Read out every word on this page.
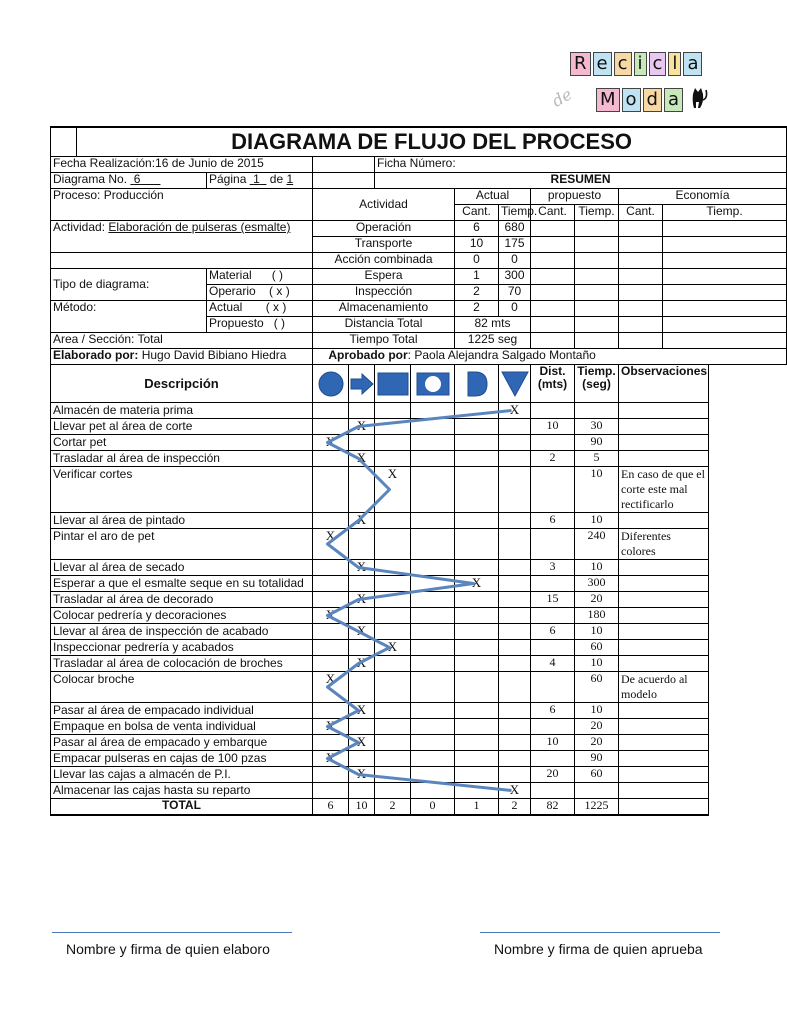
R e c i c l a
de M o d a
	DIAGRAMA DE FLUJO DEL PROCESO											
Fecha Realización:16 de Junio de 2015					Ficha Número:							
Diagrama No. 6		Página 1 de 1			RESUMEN							
Proceso: Producción			Actividad				Actual		propuesto		Economía	
							Cant.	Tiemp.	Cant.	Tiemp.	Cant.	Tiemp.
Actividad: Elaboración de pulseras (esmalte)			Operación				6	680				
			Transporte				10	175				
			Acción combinada				0	0				
Tipo de diagrama:		Material ( )	Espera				1	300				
		Operario ( x )	Inspección				2	70				
Método:		Actual ( x )	Almacenamiento				2	0				
		Propuesto ( )	Distancia Total				82 mts					
Area / Sección: Total			Tiempo Total				1225 seg					
Elaborado por: Hugo David Bibiano Hiedra			Aprobado por: Paola Alejandra Salgado Montaño									
Descripción									Dist. (mts)	Tiemp. (seg)	Observaciones	
Almacén de materia prima								X				
Llevar pet al área de corte				X					10	30		
Cortar pet			X							90		
Trasladar al área de inspección				X					2	5		
Verificar cortes					X					10	En caso de que el corte este mal rectificarlo	
Llevar al área de pintado				X					6	10		
Pintar el aro de pet			X							240	Diferentes colores	
Llevar al área de secado				X					3	10		
Esperar a que el esmalte seque en su totalidad							X			300		
Trasladar al área de decorado				X					15	20		
Colocar pedrería y decoraciones			X							180		
Llevar al área de inspección de acabado				X					6	10		
Inspeccionar pedrería y acabados					X					60		
Trasladar al área de colocación de broches				X					4	10		
Colocar broche			X							60	De acuerdo al modelo	
Pasar al área de empacado individual				X					6	10		
Empaque en bolsa de venta individual			X							20		
Pasar al área de empacado y embarque				X					10	20		
Empacar pulseras en cajas de 100 pzas			X							90		
Llevar las cajas a almacén de P.I.				X					20	60		
Almacenar las cajas hasta su reparto								X				
TOTAL			6	10	2	0	1	2	82	1225		
Nombre y firma de quien elaboro	Nombre y firma de quien aprueba
